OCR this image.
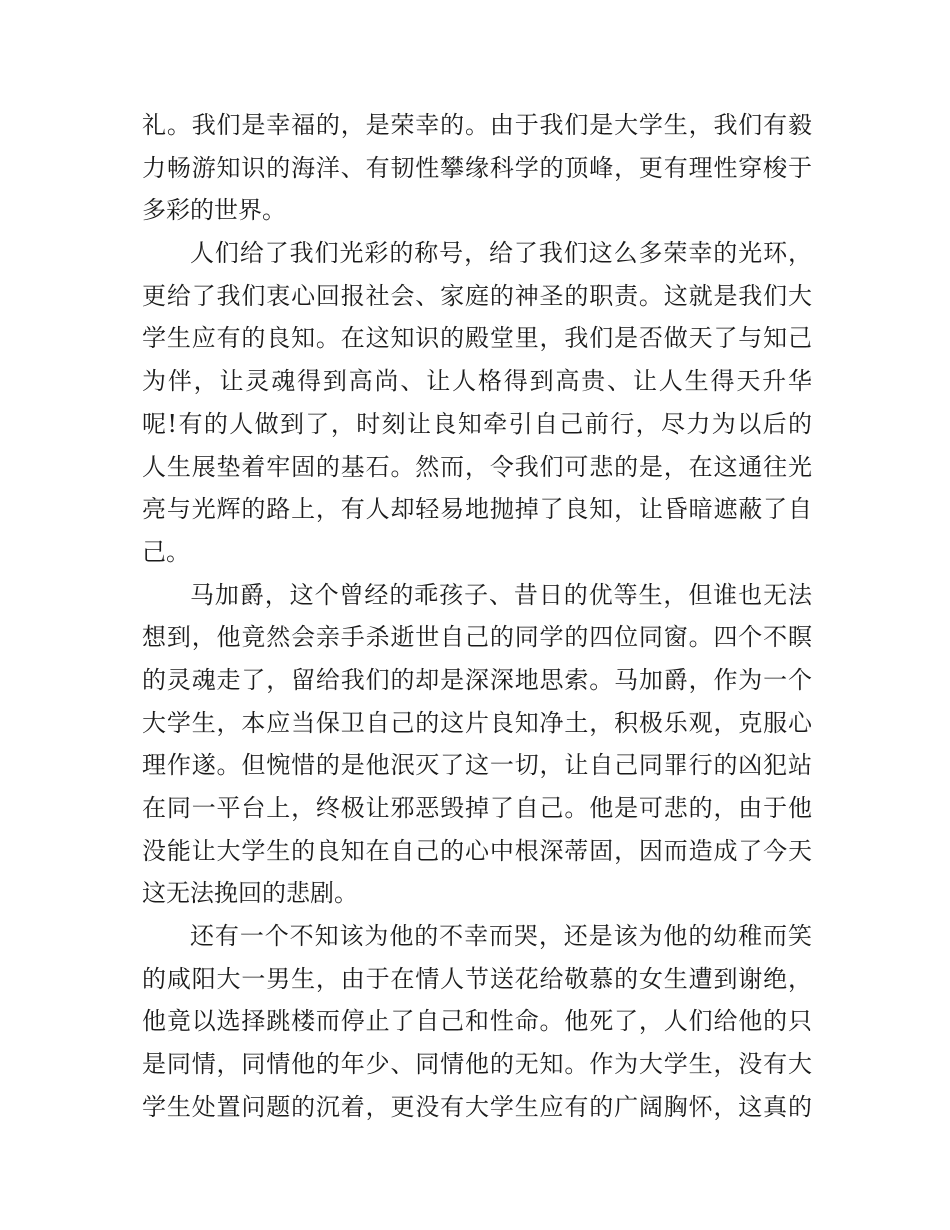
礼。我们是幸福的，是荣幸的。由于我们是大学生，我们有毅
力畅游知识的海洋、有韧性攀缘科学的顶峰，更有理性穿梭于
多彩的世界。
人们给了我们光彩的称号，给了我们这么多荣幸的光环，
更给了我们衷心回报社会、家庭的神圣的职责。这就是我们大
学生应有的良知。在这知识的殿堂里，我们是否做天了与知己
为伴，让灵魂得到高尚、让人格得到高贵、让人生得天升华
呢!有的人做到了，时刻让良知牵引自己前行，尽力为以后的
人生展垫着牢固的基石。然而，令我们可悲的是，在这通往光
亮与光辉的路上，有人却轻易地抛掉了良知，让昏暗遮蔽了自
己。
马加爵，这个曾经的乖孩子、昔日的优等生，但谁也无法
想到，他竟然会亲手杀逝世自己的同学的四位同窗。四个不瞑
的灵魂走了，留给我们的却是深深地思索。马加爵，作为一个
大学生，本应当保卫自己的这片良知净土，积极乐观，克服心
理作遂。但惋惜的是他泯灭了这一切，让自己同罪行的凶犯站
在同一平台上，终极让邪恶毁掉了自己。他是可悲的，由于他
没能让大学生的良知在自己的心中根深蒂固，因而造成了今天
这无法挽回的悲剧。
还有一个不知该为他的不幸而哭，还是该为他的幼稚而笑
的咸阳大一男生，由于在情人节送花给敬慕的女生遭到谢绝，
他竟以选择跳楼而停止了自己和性命。他死了，人们给他的只
是同情，同情他的年少、同情他的无知。作为大学生，没有大
学生处置问题的沉着，更没有大学生应有的广阔胸怀，这真的
